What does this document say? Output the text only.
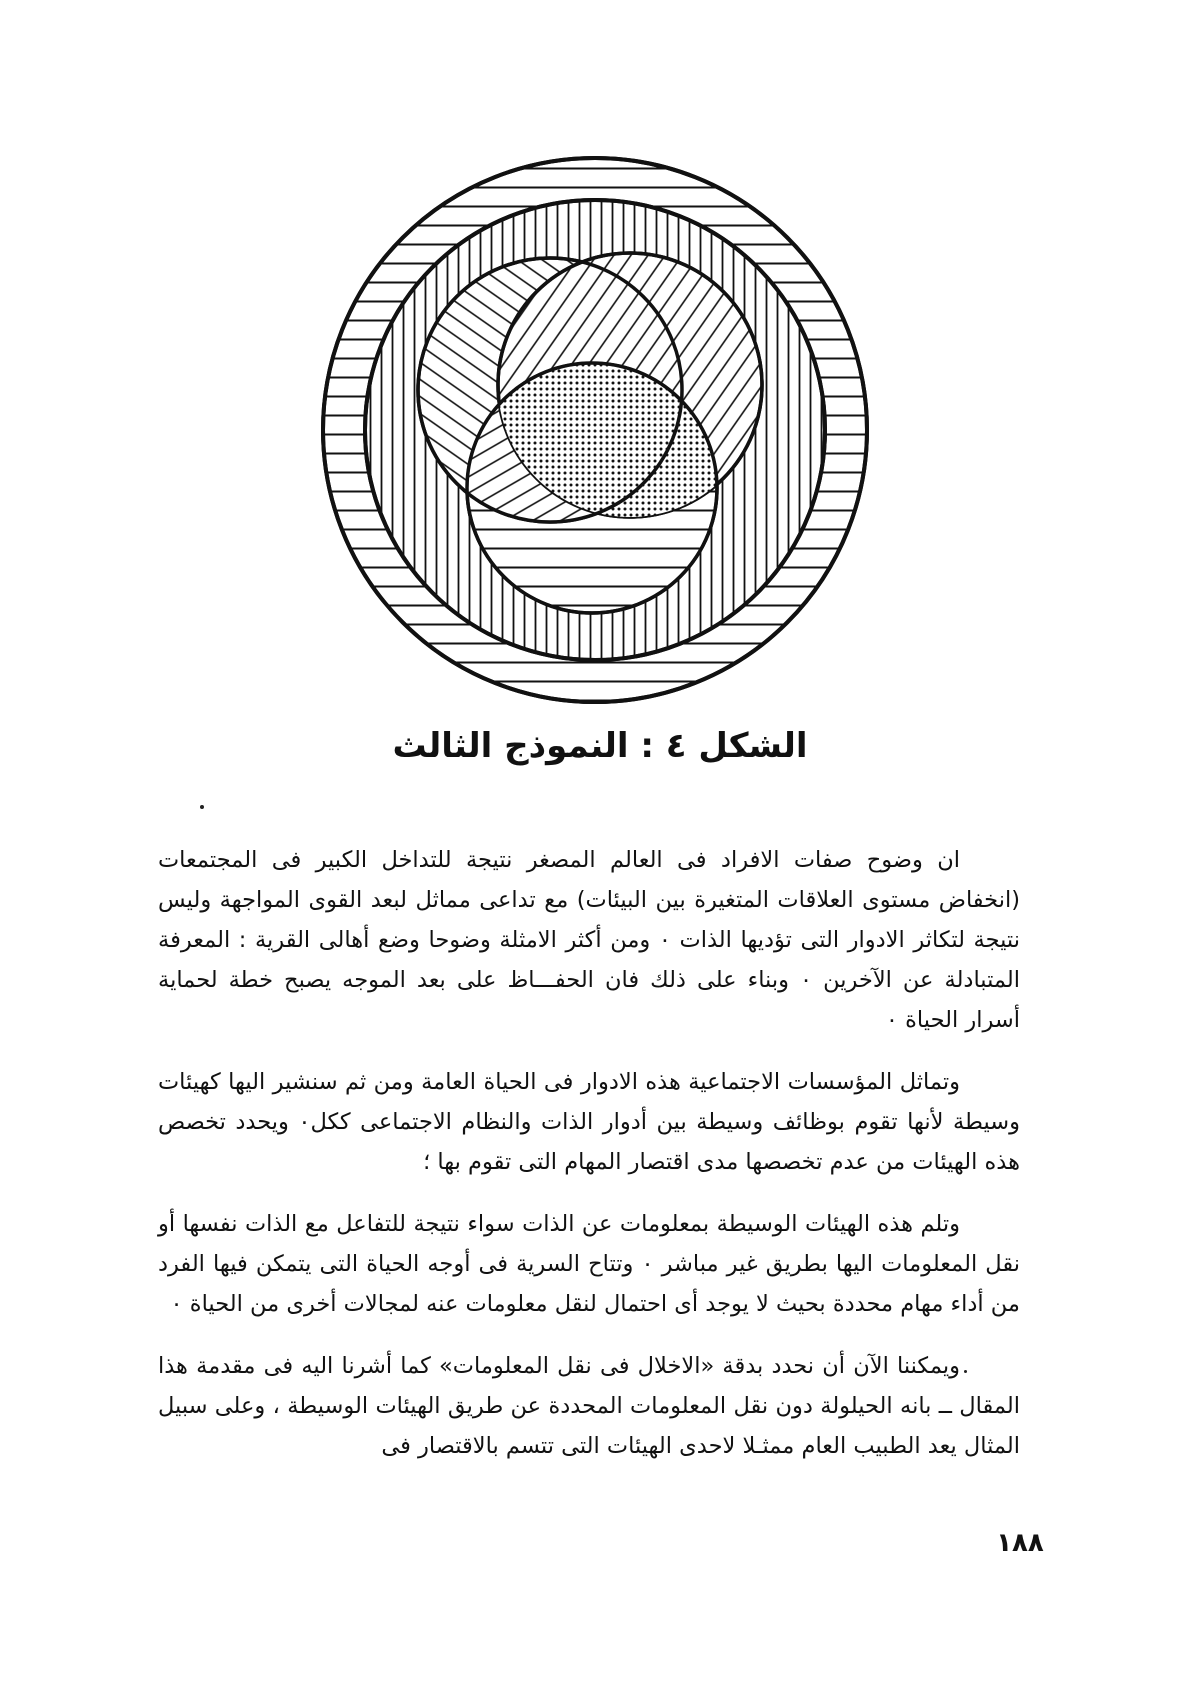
الشكل ٤ : النموذج الثالث

ان وضوح صفات الافراد فى العالم المصغر نتيجة للتداخل الكبير فى المجتمعات (انخفاض مستوى العلاقات المتغيرة بين البيئات) مع تداعى مماثل لبعد القوى المواجهة وليس نتيجة لتكاثر الادوار التى تؤديها الذات ٠ ومن أكثر الامثلة وضوحا وضع أهالى القرية : المعرفة المتبادلة عن الآخرين ٠ وبناء على ذلك فان الحفـــاظ على بعد الموجه يصبح خطة لحماية أسرار الحياة ٠

وتماثل المؤسسات الاجتماعية هذه الادوار فى الحياة العامة ومن ثم سنشير اليها كهيئات وسيطة لأنها تقوم بوظائف وسيطة بين أدوار الذات والنظام الاجتماعى ككل٠ ويحدد تخصص هذه الهيئات من عدم تخصصها مدى اقتصار المهام التى تقوم بها ؛

وتلم هذه الهيئات الوسيطة بمعلومات عن الذات سواء نتيجة للتفاعل مع الذات نفسها أو نقل المعلومات اليها بطريق غير مباشر ٠ وتتاح السرية فى أوجه الحياة التى يتمكن فيها الفرد من أداء مهام محددة بحيث لا يوجد أى احتمال لنقل معلومات عنه لمجالات أخرى من الحياة ٠

ويمكننا الآن أن نحدد بدقة «الاخلال فى نقل المعلومات» كما أشرنا اليه فى مقدمة هذا المقال ــ بانه الحيلولة دون نقل المعلومات المحددة عن طريق الهيئات الوسيطة ، وعلى سبيل المثال يعد الطبيب العام ممثـلا لاحدى الهيئات التى تتسم بالاقتصار فى

١٨٨
